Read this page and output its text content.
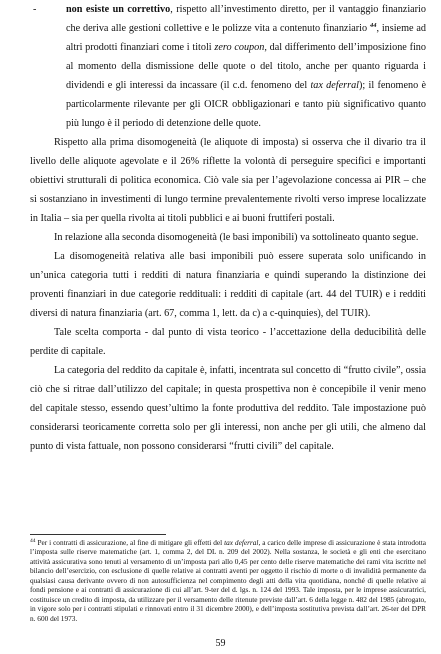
-	non esiste un correttivo, rispetto all’investimento diretto, per il vantaggio finanziario che deriva alle gestioni collettive e le polizze vita a contenuto finanziario $^{44}$, insieme ad altri prodotti finanziari come i titoli zero coupon, dal differimento dell’imposizione fino al momento della dismissione delle quote o del titolo, anche per quanto riguarda i dividendi e gli interessi da incassare (il c.d. fenomeno del tax deferral); il fenomeno è particolarmente rilevante per gli OICR obbligazionari e tanto più significativo quanto più lungo è il periodo di detenzione delle quote.

Rispetto alla prima disomogeneità (le aliquote di imposta) si osserva che il divario tra il livello delle aliquote agevolate e il 26% riflette la volontà di perseguire specifici e importanti obiettivi strutturali di politica economica. Ciò vale sia per l’agevolazione concessa ai PIR – che si sostanziano in investimenti di lungo termine prevalentemente rivolti verso imprese localizzate in Italia – sia per quella rivolta ai titoli pubblici e ai buoni fruttiferi postali.

In relazione alla seconda disomogeneità (le basi imponibili) va sottolineato quanto segue.

La disomogeneità relativa alle basi imponibili può essere superata solo unificando in un’unica categoria tutti i redditi di natura finanziaria e quindi superando la distinzione dei proventi finanziari in due categorie reddituali: i redditi di capitale (art. 44 del TUIR) e i redditi diversi di natura finanziaria (art. 67, comma 1, lett. da c) a c-quinquies), del TUIR).

Tale scelta comporta - dal punto di vista teorico - l’accettazione della deducibilità delle perdite di capitale.

La categoria del reddito da capitale è, infatti, incentrata sul concetto di “frutto civile”, ossia ciò che si ritrae dall’utilizzo del capitale; in questa prospettiva non è concepibile il venir meno del capitale stesso, essendo quest’ultimo la fonte produttiva del reddito. Tale impostazione può considerarsi teoricamente corretta solo per gli interessi, non anche per gli utili, che almeno dal punto di vista fattuale, non possono considerarsi “frutti civili” del capitale.

$^{44}$ Per i contratti di assicurazione, al fine di mitigare gli effetti del tax deferral, a carico delle imprese di assicurazione è stata introdotta l’imposta sulle riserve matematiche (art. 1, comma 2, del DL n. 209 del 2002). Nella sostanza, le società e gli enti che esercitano attività assicurativa sono tenuti al versamento di un’imposta pari allo 0,45 per cento delle riserve matematiche dei rami vita iscritte nel bilancio dell’esercizio, con esclusione di quelle relative ai contratti aventi per oggetto il rischio di morte o di invalidità permanente da qualsiasi causa derivante ovvero di non autosufficienza nel compimento degli atti della vita quotidiana, nonché di quelle relative ai fondi pensione e ai contratti di assicurazione di cui all’art. 9-ter del d. lgs. n. 124 del 1993. Tale imposta, per le imprese assicuratrici, costituisce un credito di imposta, da utilizzare per il versamento delle ritenute previste dall’art. 6 della legge n. 482 del 1985 (abrogato, in vigore solo per i contratti stipulati e rinnovati entro il 31 dicembre 2000), e dell’imposta sostitutiva prevista dall’art. 26-ter del DPR n. 600 del 1973.
59
